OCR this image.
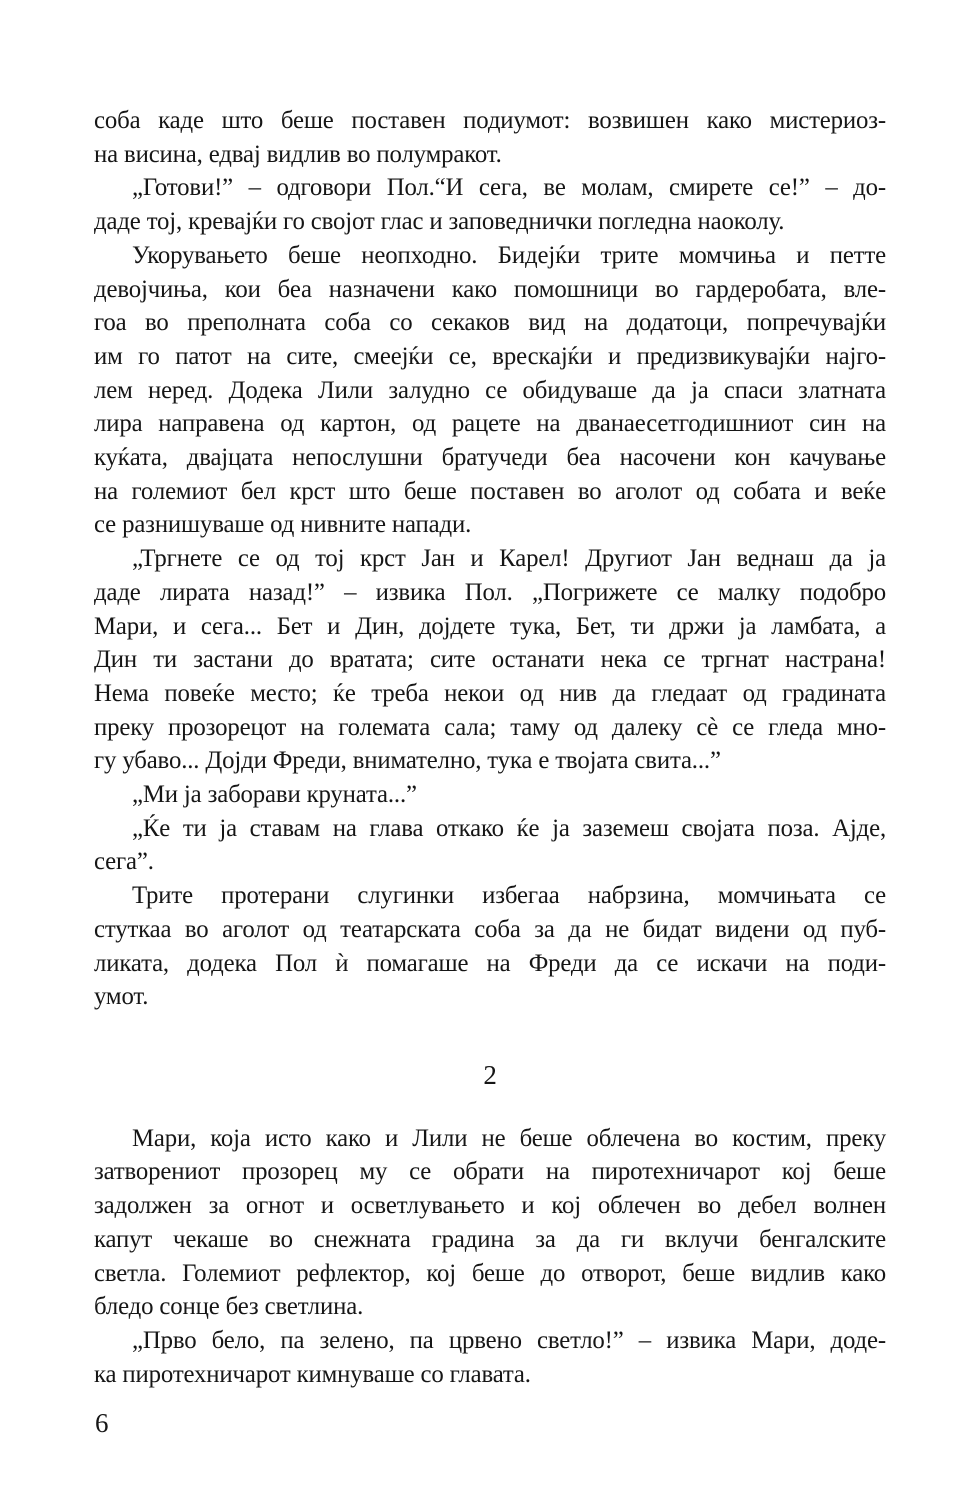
соба каде што беше поставен подиумот: возвишен како мистериоз-
на висина, едвај видлив во полумракот.
„Готови!” – одговори Пол.“И сега, ве молам, смирете се!” – до-
даде тој, кревајќи го својот глас и заповеднички погледна наоколу.
Укорувањето беше неопходно. Бидејќи трите момчиња и петте
девојчиња, кои беа назначени како помошници во гардеробата, вле-
гоа во преполната соба со секаков вид на додатоци, попречувајќи
им го патот на сите, смеејќи се, врескајќи и предизвикувајќи најго-
лем неред. Додека Лили залудно се обидуваше да ја спаси златната
лира направена од картон, од рацете на дванаесетгодишниот син на
куќата, двајцата непослушни братучеди беа насочени кон качување
на големиот бел крст што беше поставен во аголот од собата и веќе
се разнишуваше од нивните напади.
„Тргнете се од тој крст Јан и Карел! Другиот Јан веднаш да ја
даде лирата назад!” – извика Пол. „Погрижете се малку подобро
Мари, и сега... Бет и Дин, дојдете тука, Бет, ти држи ја ламбата, а
Дин ти застани до вратата; сите останати нека се тргнат настрана!
Нема повеќе место; ќе треба некои од нив да гледаат од градината
преку прозорецот на големата сала; таму од далеку сè се гледа мно-
гу убаво... Дојди Фреди, внимателно, тука е твојата свита...”
„Ми ја заборави круната...”
„Ќе ти ја ставам на глава откако ќе ја заземеш својата поза. Ајде,
сега”.
Трите протерани слугинки избегаа набрзина, момчињата се
стуткаа во аголот од театарската соба за да не бидат видени од пуб-
ликата, додека Пол ѝ помагаше на Фреди да се искачи на поди-
умот.
2
Мари, која исто како и Лили не беше облечена во костим, преку
затворениот прозорец му се обрати на пиротехничарот кој беше
задолжен за огнот и осветлувањето и кој облечен во дебел волнен
капут чекаше во снежната градина за да ги вклучи бенгалските
светла. Големиот рефлектор, кој беше до отворот, беше видлив како
бледо сонце без светлина.
„Прво бело, па зелено, па црвено светло!” – извика Мари, доде-
ка пиротехничарот кимнуваше со главата.
6
